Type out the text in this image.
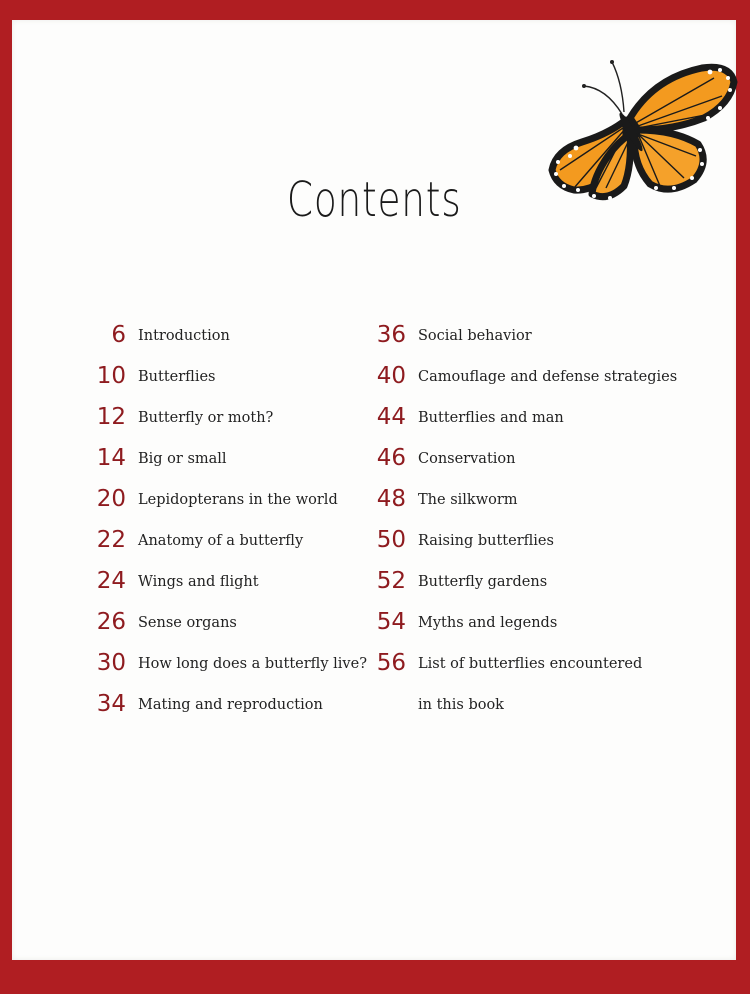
Contents
6 Introduction
10 Butterflies
12 Butterfly or moth?
14 Big or small
20 Lepidopterans in the world
22 Anatomy of a butterfly
24 Wings and flight
26 Sense organs
30 How long does a butterfly live?
34 Mating and reproduction
36 Social behavior
40 Camouflage and defense strategies
44 Butterflies and man
46 Conservation
48 The silkworm
50 Raising butterflies
52 Butterfly gardens
54 Myths and legends
56 List of butterflies encountered
in this book
